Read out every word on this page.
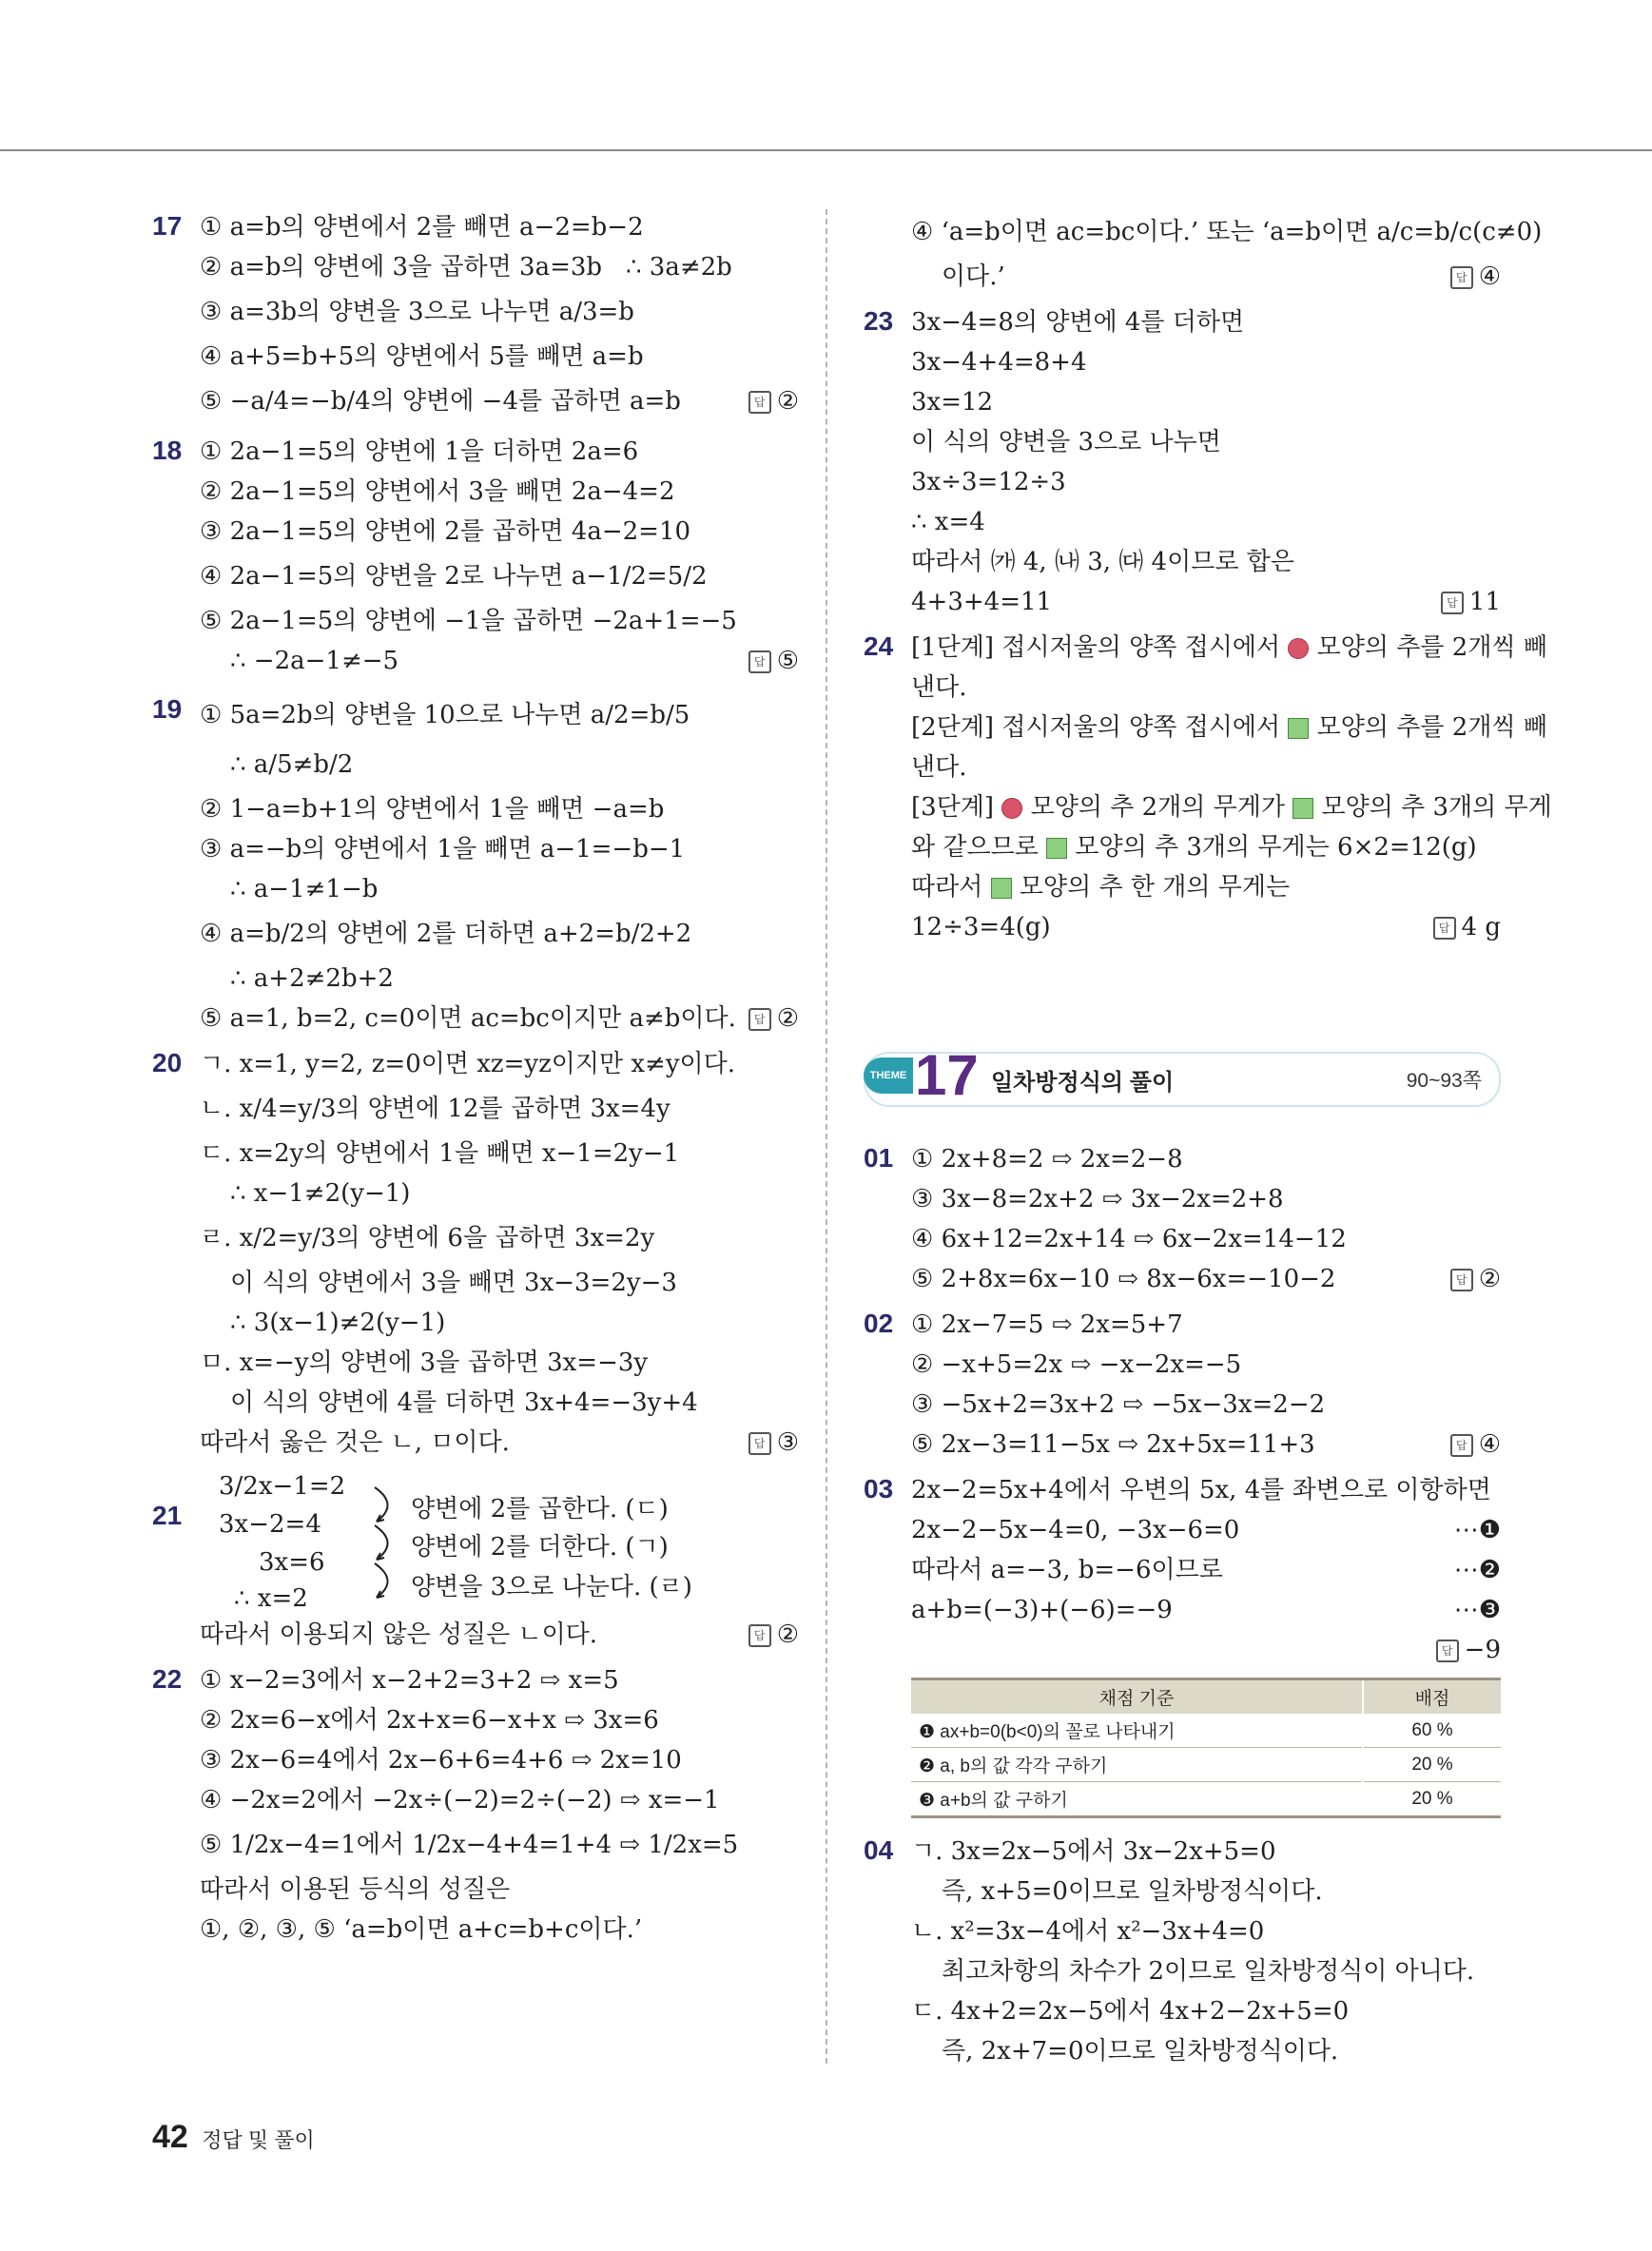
17 ① a=b의 양변에서 2를 빼면 a−2=b−2
② a=b의 양변에 3을 곱하면 3a=3b ∴ 3a≠2b
③ a=3b의 양변을 3으로 나누면 a/3=b
④ a+5=b+5의 양변에서 5를 빼면 a=b
⑤ −a/4=−b/4의 양변에 −4를 곱하면 a=b	답 ②
18 ① 2a−1=5의 양변에 1을 더하면 2a=6
② 2a−1=5의 양변에서 3을 빼면 2a−4=2
③ 2a−1=5의 양변에 2를 곱하면 4a−2=10
④ 2a−1=5의 양변을 2로 나누면 a−1/2=5/2
⑤ 2a−1=5의 양변에 −1을 곱하면 −2a+1=−5
∴ −2a−1≠−5	답 ⑤
19 ① 5a=2b의 양변을 10으로 나누면 a/2=b/5
∴ a/5≠b/2
② 1−a=b+1의 양변에서 1을 빼면 −a=b
③ a=−b의 양변에서 1을 빼면 a−1=−b−1
∴ a−1≠1−b
④ a=b/2의 양변에 2를 더하면 a+2=b/2+2
∴ a+2≠2b+2
⑤ a=1, b=2, c=0이면 ac=bc이지만 a≠b이다.	답 ②
20 ㄱ. x=1, y=2, z=0이면 xz=yz이지만 x≠y이다.
ㄴ. x/4=y/3의 양변에 12를 곱하면 3x=4y
ㄷ. x=2y의 양변에서 1을 빼면 x−1=2y−1
∴ x−1≠2(y−1)
ㄹ. x/2=y/3의 양변에 6을 곱하면 3x=2y
이 식의 양변에서 3을 빼면 3x−3=2y−3
∴ 3(x−1)≠2(y−1)
ㅁ. x=−y의 양변에 3을 곱하면 3x=−3y
이 식의 양변에 4를 더하면 3x+4=−3y+4
따라서 옳은 것은 ㄴ, ㅁ이다.	답 ③
21
3/2x−1=2
3x−2=4
3x=6
∴ x=2
양변에 2를 곱한다. (ㄷ)
양변에 2를 더한다. (ㄱ)
양변을 3으로 나눈다. (ㄹ)
따라서 이용되지 않은 성질은 ㄴ이다.	답 ②
22 ① x−2=3에서 x−2+2=3+2 ⇨ x=5
② 2x=6−x에서 2x+x=6−x+x ⇨ 3x=6
③ 2x−6=4에서 2x−6+6=4+6 ⇨ 2x=10
④ −2x=2에서 −2x÷(−2)=2÷(−2) ⇨ x=−1
⑤ 1/2x−4=1에서 1/2x−4+4=1+4 ⇨ 1/2x=5
따라서 이용된 등식의 성질은
①, ②, ③, ⑤ ‘a=b이면 a+c=b+c이다.’
④ ‘a=b이면 ac=bc이다.’ 또는 ‘a=b이면 a/c=b/c(c≠0)
이다.’	답 ④
23 3x−4=8의 양변에 4를 더하면
3x−4+4=8+4
3x=12
이 식의 양변을 3으로 나누면
3x÷3=12÷3
∴ x=4
따라서 ㈎ 4, ㈏ 3, ㈐ 4이므로 합은
4+3+4=11	답 11
24 [1단계] 접시저울의 양쪽 접시에서 모양의 추를 2개씩 빼
낸다.
[2단계] 접시저울의 양쪽 접시에서 모양의 추를 2개씩 빼
낸다.
[3단계] 모양의 추 2개의 무게가 모양의 추 3개의 무게
와 같으므로 모양의 추 3개의 무게는 6×2=12(g)
따라서 모양의 추 한 개의 무게는
12÷3=4(g)	답 4 g
THEME 17 일차방정식의 풀이	90~93쪽
01 ① 2x+8=2 ⇨ 2x=2−8
③ 3x−8=2x+2 ⇨ 3x−2x=2+8
④ 6x+12=2x+14 ⇨ 6x−2x=14−12
⑤ 2+8x=6x−10 ⇨ 8x−6x=−10−2	답 ②
02 ① 2x−7=5 ⇨ 2x=5+7
② −x+5=2x ⇨ −x−2x=−5
③ −5x+2=3x+2 ⇨ −5x−3x=2−2
⑤ 2x−3=11−5x ⇨ 2x+5x=11+3	답 ④
03 2x−2=5x+4에서 우변의 5x, 4를 좌변으로 이항하면
2x−2−5x−4=0, −3x−6=0	⋯❶
따라서 a=−3, b=−6이므로	⋯❷
a+b=(−3)+(−6)=−9	⋯❸
답 −9
채점 기준	배점
❶ ax+b=0(b<0)의 꼴로 나타내기	60 %
❷ a, b의 값 각각 구하기	20 %
❸ a+b의 값 구하기	20 %
04 ㄱ. 3x=2x−5에서 3x−2x+5=0
즉, x+5=0이므로 일차방정식이다.
ㄴ. x²=3x−4에서 x²−3x+4=0
최고차항의 차수가 2이므로 일차방정식이 아니다.
ㄷ. 4x+2=2x−5에서 4x+2−2x+5=0
즉, 2x+7=0이므로 일차방정식이다.
42 정답 및 풀이
